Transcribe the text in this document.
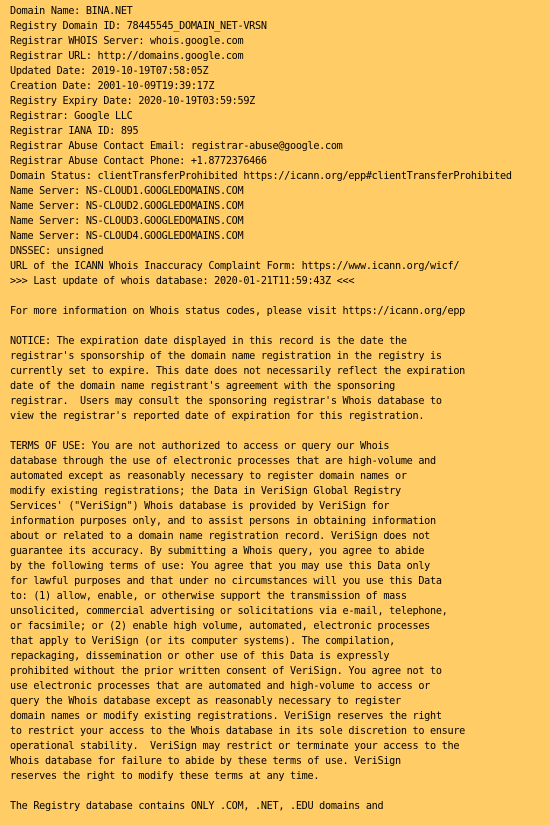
Domain Name: BINA.NET
Registry Domain ID: 78445545_DOMAIN_NET-VRSN
Registrar WHOIS Server: whois.google.com
Registrar URL: http://domains.google.com
Updated Date: 2019-10-19T07:58:05Z
Creation Date: 2001-10-09T19:39:17Z
Registry Expiry Date: 2020-10-19T03:59:59Z
Registrar: Google LLC
Registrar IANA ID: 895
Registrar Abuse Contact Email: registrar-abuse@google.com
Registrar Abuse Contact Phone: +1.8772376466
Domain Status: clientTransferProhibited https://icann.org/epp#clientTransferProhibited
Name Server: NS-CLOUD1.GOOGLEDOMAINS.COM
Name Server: NS-CLOUD2.GOOGLEDOMAINS.COM
Name Server: NS-CLOUD3.GOOGLEDOMAINS.COM
Name Server: NS-CLOUD4.GOOGLEDOMAINS.COM
DNSSEC: unsigned
URL of the ICANN Whois Inaccuracy Complaint Form: https://www.icann.org/wicf/
>>> Last update of whois database: 2020-01-21T11:59:43Z <<<
For more information on Whois status codes, please visit https://icann.org/epp
NOTICE: The expiration date displayed in this record is the date the
registrar's sponsorship of the domain name registration in the registry is
currently set to expire. This date does not necessarily reflect the expiration
date of the domain name registrant's agreement with the sponsoring
registrar.  Users may consult the sponsoring registrar's Whois database to
view the registrar's reported date of expiration for this registration.
TERMS OF USE: You are not authorized to access or query our Whois
database through the use of electronic processes that are high-volume and
automated except as reasonably necessary to register domain names or
modify existing registrations; the Data in VeriSign Global Registry
Services' ("VeriSign") Whois database is provided by VeriSign for
information purposes only, and to assist persons in obtaining information
about or related to a domain name registration record. VeriSign does not
guarantee its accuracy. By submitting a Whois query, you agree to abide
by the following terms of use: You agree that you may use this Data only
for lawful purposes and that under no circumstances will you use this Data
to: (1) allow, enable, or otherwise support the transmission of mass
unsolicited, commercial advertising or solicitations via e-mail, telephone,
or facsimile; or (2) enable high volume, automated, electronic processes
that apply to VeriSign (or its computer systems). The compilation,
repackaging, dissemination or other use of this Data is expressly
prohibited without the prior written consent of VeriSign. You agree not to
use electronic processes that are automated and high-volume to access or
query the Whois database except as reasonably necessary to register
domain names or modify existing registrations. VeriSign reserves the right
to restrict your access to the Whois database in its sole discretion to ensure
operational stability.  VeriSign may restrict or terminate your access to the
Whois database for failure to abide by these terms of use. VeriSign
reserves the right to modify these terms at any time.
The Registry database contains ONLY .COM, .NET, .EDU domains and
